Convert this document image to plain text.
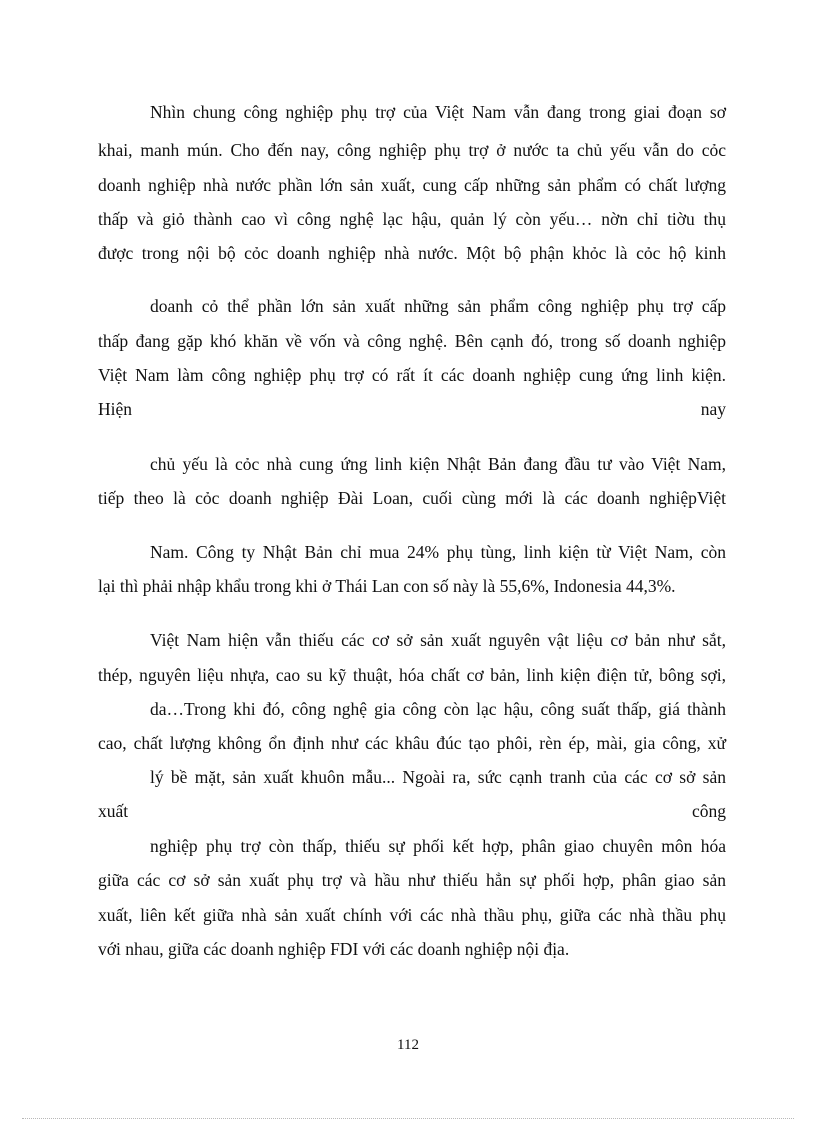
Nhìn chung công nghiệp phụ trợ của Việt Nam vẫn đang trong giai đoạn sơ
khai, manh mún. Cho đến nay, công nghiệp phụ trợ ở nước ta chủ yếu vẫn do cỏc
doanh nghiệp nhà nước phần lớn sản xuất, cung cấp những sản phẩm có chất lượng
thấp và giỏ thành cao vì công nghệ lạc hậu, quản lý còn yếu… nờn chỉ tiờu thụ
được trong nội bộ cỏc doanh nghiệp nhà nước. Một bộ phận khỏc là cỏc hộ kinh
doanh cỏ thể phần lớn sản xuất những sản phẩm công nghiệp phụ trợ cấp
thấp đang gặp khó khăn về vốn và công nghệ. Bên cạnh đó, trong số doanh nghiệp
Việt Nam làm công nghiệp phụ trợ có rất ít các doanh nghiệp cung ứng linh kiện.
Hiện	nay
chủ yếu là cỏc nhà cung ứng linh kiện Nhật Bản đang đầu tư vào Việt Nam,
tiếp theo là cỏc doanh nghiệp Đài Loan, cuối cùng mới là các doanh nghiệpViệt
Nam. Công ty Nhật Bản chỉ mua 24% phụ tùng, linh kiện từ Việt Nam, còn
lại thì phải nhập khẩu trong khi ở Thái Lan con số này là 55,6%, Indonesia 44,3%.
Việt Nam hiện vẫn thiếu các cơ sở sản xuất nguyên vật liệu cơ bản như sắt,
thép, nguyên liệu nhựa, cao su kỹ thuật, hóa chất cơ bản, linh kiện điện tử, bông sợi,
da…Trong khi đó, công nghệ gia công còn lạc hậu, công suất thấp, giá thành
cao, chất lượng không ổn định như các khâu đúc tạo phôi, rèn ép, mài, gia công, xử
lý bề mặt, sản xuất khuôn mẫu... Ngoài ra, sức cạnh tranh của các cơ sở sản
xuất	công
nghiệp phụ trợ còn thấp, thiếu sự phối kết hợp, phân giao chuyên môn hóa
giữa các cơ sở sản xuất phụ trợ và hầu như thiếu hẳn sự phối hợp, phân giao sản
xuất, liên kết giữa nhà sản xuất chính với các nhà thầu phụ, giữa các nhà thầu phụ
với nhau, giữa các doanh nghiệp FDI với các doanh nghiệp nội địa.
112
